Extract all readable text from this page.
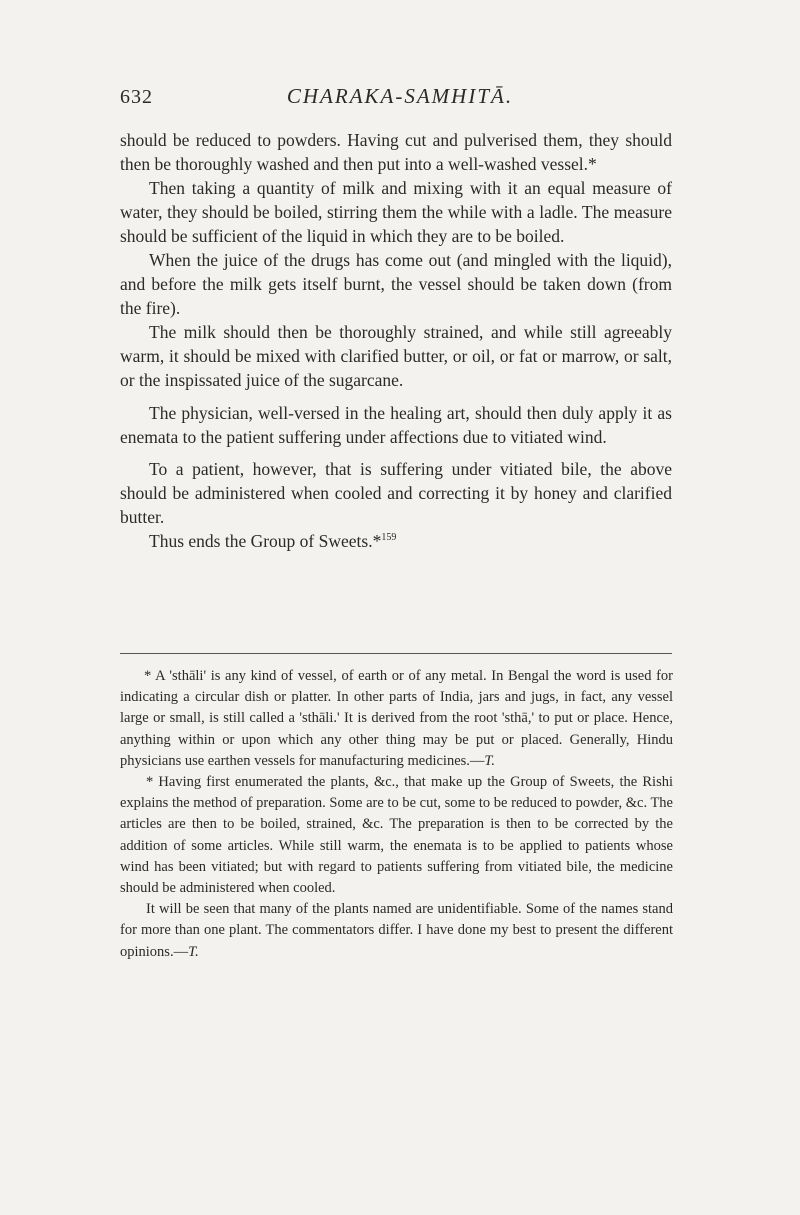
632	CHARAKA-SAMHITĀ.

should be reduced to powders. Having cut and pulverised them, they should then be thoroughly washed and then put into a well-washed vessel.*

Then taking a quantity of milk and mixing with it an equal measure of water, they should be boiled, stirring them the while with a ladle. The measure should be sufficient of the liquid in which they are to be boiled.

When the juice of the drugs has come out (and mingled with the liquid), and before the milk gets itself burnt, the vessel should be taken down (from the fire).

The milk should then be thoroughly strained, and while still agreeably warm, it should be mixed with clarified butter, or oil, or fat or marrow, or salt, or the inspissated juice of the sugarcane.

The physician, well-versed in the healing art, should then duly apply it as enemata to the patient suffering under affections due to vitiated wind.

To a patient, however, that is suffering under vitiated bile, the above should be administered when cooled and correcting it by honey and clarified butter.

Thus ends the Group of Sweets.*$^{159}$

* A 'sthāli' is any kind of vessel, of earth or of any metal. In Bengal the word is used for indicating a circular dish or platter. In other parts of India, jars and jugs, in fact, any vessel large or small, is still called a 'sthāli.' It is derived from the root 'sthā,' to put or place. Hence, anything within or upon which any other thing may be put or placed. Generally, Hindu physicians use earthen vessels for manufacturing medicines.—T.

* Having first enumerated the plants, &c., that make up the Group of Sweets, the Rishi explains the method of preparation. Some are to be cut, some to be reduced to powder, &c. The articles are then to be boiled, strained, &c. The preparation is then to be corrected by the addition of some articles. While still warm, the enemata is to be applied to patients whose wind has been vitiated; but with regard to patients suffering from vitiated bile, the medicine should be administered when cooled.

It will be seen that many of the plants named are unidentifiable. Some of the names stand for more than one plant. The commentators differ. I have done my best to present the different opinions.—T.
